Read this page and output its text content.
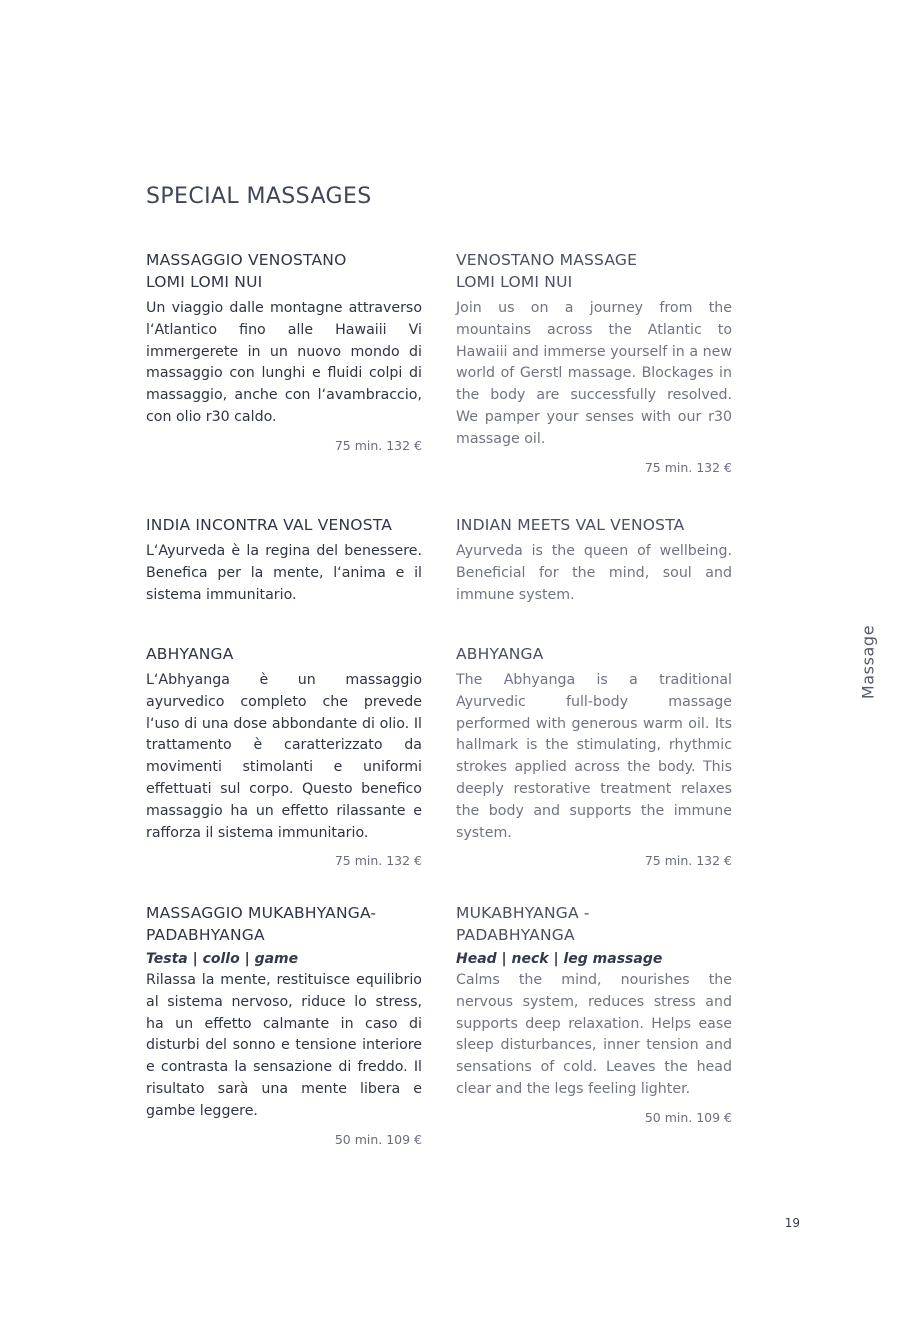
SPECIAL MASSAGES
MASSAGGIO VENOSTANO
LOMI LOMI NUI

Un viaggio dalle montagne attraverso l‘Atlantico fino alle Hawaiii Vi immergerete in un nuovo mondo di massaggio con lunghi e fluidi colpi di massaggio, anche con l‘avambraccio, con olio r30 caldo.

75 min. 132 €

VENOSTANO MASSAGE
LOMI LOMI NUI

Join us on a journey from the mountains across the Atlantic to Hawaiii and immerse yourself in a new world of Gerstl massage. Blockages in the body are successfully resolved. We pamper your senses with our r30 massage oil.

75 min. 132 €

INDIA INCONTRA VAL VENOSTA

L‘Ayurveda è la regina del benessere. Benefica per la mente, l‘anima e il sistema immunitario.

INDIAN MEETS VAL VENOSTA

Ayurveda is the queen of wellbeing. Beneficial for the mind, soul and immune system.

ABHYANGA

L‘Abhyanga è un massaggio ayurvedico completo che prevede l‘uso di una dose abbondante di olio. Il trattamento è caratterizzato da movimenti stimolanti e uniformi effettuati sul corpo. Questo benefico massaggio ha un effetto rilassante e rafforza il sistema immunitario.

75 min. 132 €

ABHYANGA

The Abhyanga is a traditional Ayurvedic full-body massage performed with generous warm oil. Its hallmark is the stimulating, rhythmic strokes applied across the body. This deeply restorative treatment relaxes the body and supports the immune system.

75 min. 132 €

MASSAGGIO MUKABHYANGA-
PADABHYANGA

Testa | collo | game

Rilassa la mente, restituisce equilibrio al sistema nervoso, riduce lo stress, ha un effetto calmante in caso di disturbi del sonno e tensione interiore e contrasta la sensazione di freddo. Il risultato sarà una mente libera e gambe leggere.

50 min. 109 €

MUKABHYANGA -
PADABHYANGA

Head | neck | leg massage

Calms the mind, nourishes the nervous system, reduces stress and supports deep relaxation. Helps ease sleep disturbances, inner tension and sensations of cold. Leaves the head clear and the legs feeling lighter.

50 min. 109 €

Massage
19
